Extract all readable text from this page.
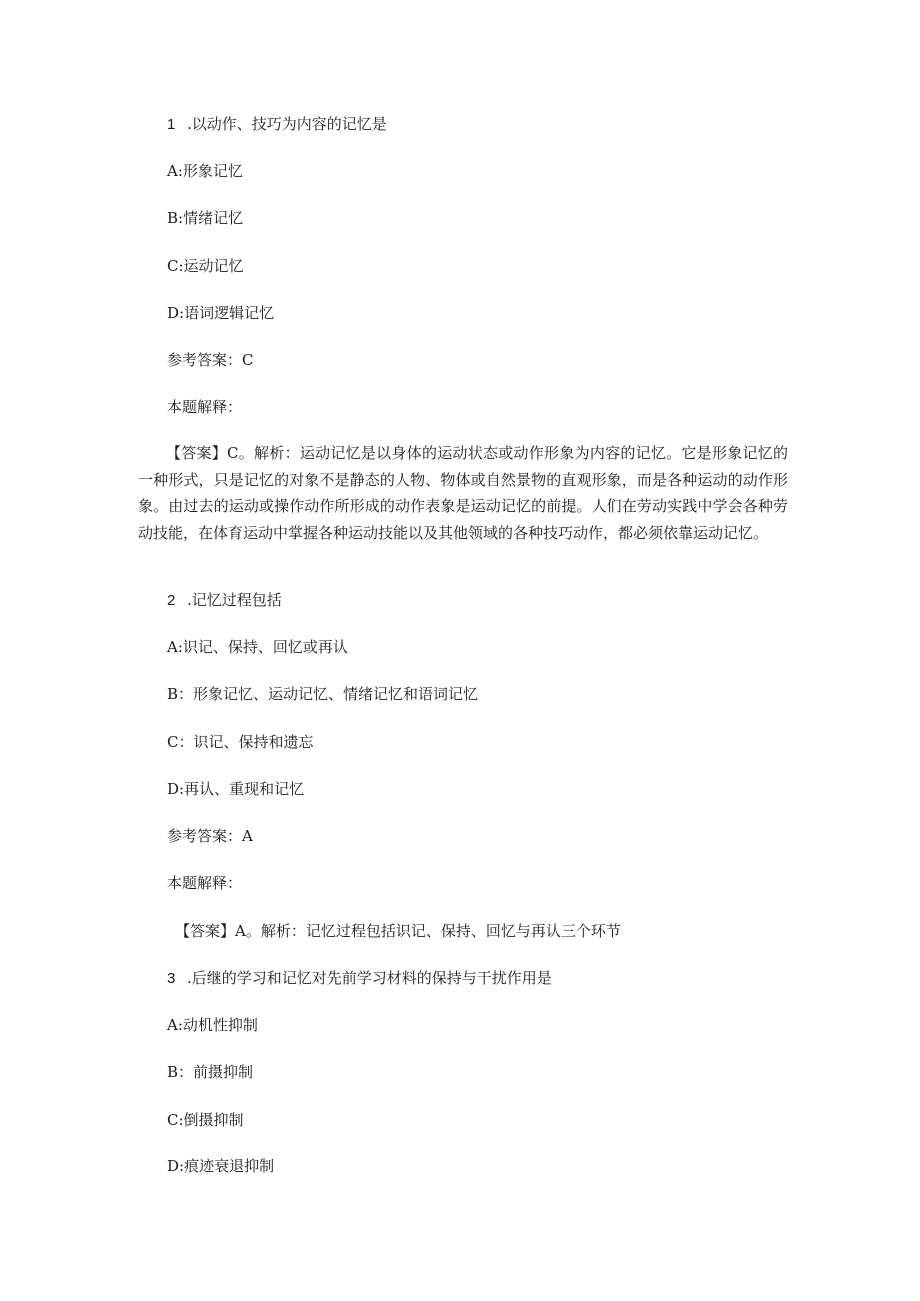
1 .以动作、技巧为内容的记忆是
A:形象记忆
B:情绪记忆
C:运动记忆
D:语词逻辑记忆
参考答案：C
本题解释：
【答案】C。解析：运动记忆是以身体的运动状态或动作形象为内容的记忆。它是形象记忆的一种形式，只是记忆的对象不是静态的人物、物体或自然景物的直观形象，而是各种运动的动作形象。由过去的运动或操作动作所形成的动作表象是运动记忆的前提。人们在劳动实践中学会各种劳动技能，在体育运动中掌握各种运动技能以及其他领域的各种技巧动作，都必须依靠运动记忆。
2 .记忆过程包括
A:识记、保持、回忆或再认
B：形象记忆、运动记忆、情绪记忆和语词记忆
C：识记、保持和遗忘
D:再认、重现和记忆
参考答案：A
本题解释：
【答案】A。解析：记忆过程包括识记、保持、回忆与再认三个环节
3 .后继的学习和记忆对先前学习材料的保持与干扰作用是
A:动机性抑制
B：前摄抑制
C:倒摄抑制
D:痕迹衰退抑制
